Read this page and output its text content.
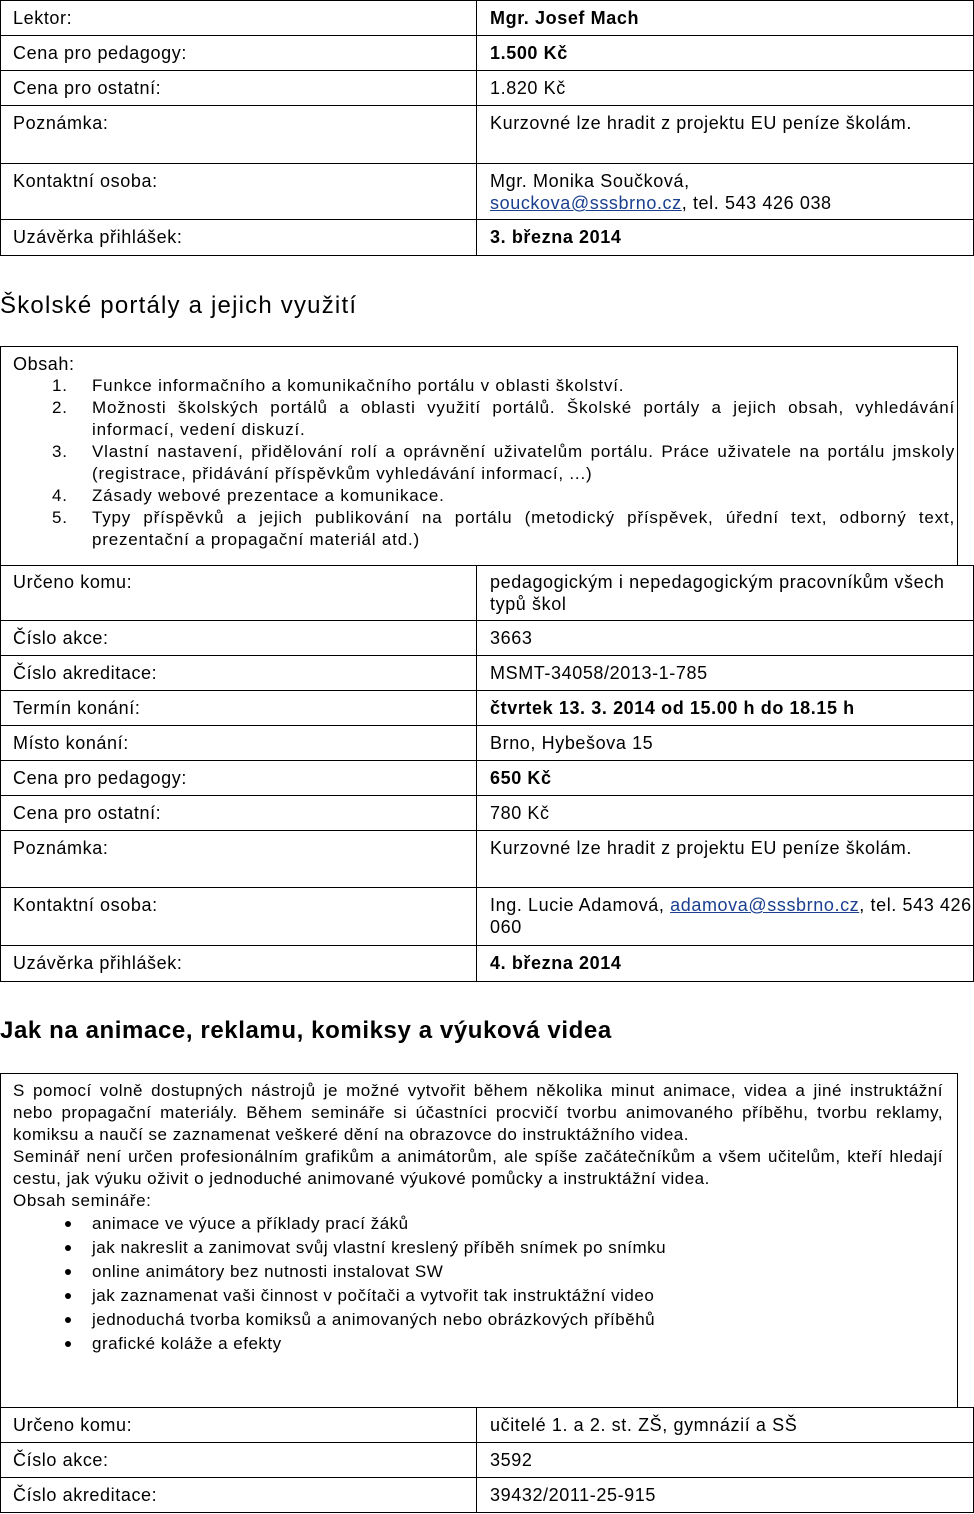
Lektor:	Mgr. Josef Mach
Cena pro pedagogy:	1.500 Kč
Cena pro ostatní:	1.820 Kč
Poznámka:	Kurzovné lze hradit z projektu EU peníze školám.
Kontaktní osoba:	Mgr. Monika Součková,
souckova@sssbrno.cz, tel. 543 426 038
Uzávěrka přihlášek:	3. března 2014
Školské portály a jejich využití
Obsah:
1. Funkce informačního a komunikačního portálu v oblasti školství.
2. Možnosti školských portálů a oblasti využití portálů. Školské portály a jejich obsah, vyhledávání informací, vedení diskuzí.
3. Vlastní nastavení, přidělování rolí a oprávnění uživatelům portálu. Práce uživatele na portálu jmskoly (registrace, přidávání příspěvkům vyhledávání informací, ...)
4. Zásady webové prezentace a komunikace.
5. Typy příspěvků a jejich publikování na portálu (metodický příspěvek, úřední text, odborný text, prezentační a propagační materiál atd.)
Určeno komu:	pedagogickým i nepedagogickým pracovníkům všech typů škol
Číslo akce:	3663
Číslo akreditace:	MSMT-34058/2013-1-785
Termín konání:	čtvrtek 13. 3. 2014 od 15.00 h do 18.15 h
Místo konání:	Brno, Hybešova 15
Cena pro pedagogy:	650 Kč
Cena pro ostatní:	780 Kč
Poznámka:	Kurzovné lze hradit z projektu EU peníze školám.
Kontaktní osoba:	Ing. Lucie Adamová, adamova@sssbrno.cz, tel. 543 426 060
Uzávěrka přihlášek:	4. března 2014
Jak na animace, reklamu, komiksy a výuková videa

S pomocí volně dostupných nástrojů je možné vytvořit během několika minut animace, videa a jiné instruktážní nebo propagační materiály. Během semináře si účastníci procvičí tvorbu animovaného příběhu, tvorbu reklamy, komiksu a naučí se zaznamenat veškeré dění na obrazovce do instruktážního videa.

Seminář není určen profesionálním grafikům a animátorům, ale spíše začátečníkům a všem učitelům, kteří hledají cestu, jak výuku oživit o jednoduché animované výukové pomůcky a instruktážní videa.

Obsah semináře:
animace ve výuce a příklady prací žáků
jak nakreslit a zanimovat svůj vlastní kreslený příběh snímek po snímku
online animátory bez nutnosti instalovat SW
jak zaznamenat vaši činnost v počítači a vytvořit tak instruktážní video
jednoduchá tvorba komiksů a animovaných nebo obrázkových příběhů
grafické koláže a efekty
Určeno komu:	učitelé 1. a 2. st. ZŠ, gymnázií a SŠ
Číslo akce:	3592
Číslo akreditace:	39432/2011-25-915
